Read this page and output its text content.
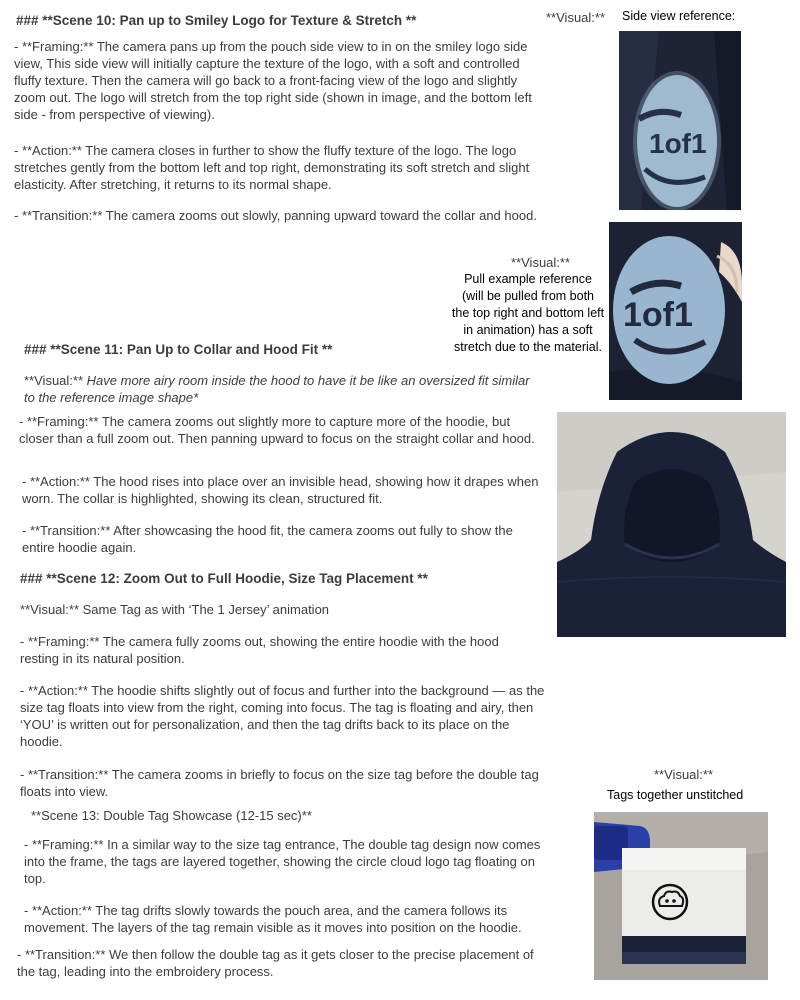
### **Scene 10: Pan up to Smiley Logo for Texture & Stretch **

- **Framing:** The camera pans up from the pouch side view to in on the smiley logo side view, This side view will initially capture the texture of the logo, with a soft and controlled fluffy texture. Then the camera will go back to a front-facing view of the logo and slightly zoom out. The logo will stretch from the top right side (shown in image, and the bottom left side - from perspective of viewing).

- **Action:** The camera closes in further to show the fluffy texture of the logo. The logo stretches gently from the bottom left and top right, demonstrating its soft stretch and slight elasticity. After stretching, it returns to its normal shape.

- **Transition:** The camera zooms out slowly, panning upward toward the collar and hood.

**Visual:** Side view reference:
1of1
**Visual:**
Pull example reference
(will be pulled from both
the top right and bottom left
in animation) has a soft
stretch due to the material.
1of1
### **Scene 11: Pan Up to Collar and Hood Fit **

**Visual:** Have more airy room inside the hood to have it be like an oversized fit similar to the reference image shape*

- **Framing:** The camera zooms out slightly more to capture more of the hoodie, but closer than a full zoom out. Then panning upward to focus on the straight collar and hood.

- **Action:** The hood rises into place over an invisible head, showing how it drapes when worn. The collar is highlighted, showing its clean, structured fit.

- **Transition:** After showcasing the hood fit, the camera zooms out fully to show the entire hoodie again.

### **Scene 12: Zoom Out to Full Hoodie, Size Tag Placement **
**Visual:** Same Tag as with ‘The 1 Jersey’ animation

- **Framing:** The camera fully zooms out, showing the entire hoodie with the hood resting in its natural position.

- **Action:** The hoodie shifts slightly out of focus and further into the background — as the size tag floats into view from the right, coming into focus. The tag is floating and airy, then ‘YOU’ is written out for personalization, and then the tag drifts back to its place on the hoodie.

- **Transition:** The camera zooms in briefly to focus on the size tag before the double tag floats into view.

**Scene 13: Double Tag Showcase (12-15 sec)**

- **Framing:** In a similar way to the size tag entrance, The double tag design now comes into the frame, the tags are layered together, showing the circle cloud logo tag floating on top.

- **Action:** The tag drifts slowly towards the pouch area, and the camera follows its movement. The layers of the tag remain visible as it moves into position on the hoodie.

- **Transition:** We then follow the double tag as it gets closer to the precise placement of the tag, leading into the embroidery process.

**Visual:**
Tags together unstitched
